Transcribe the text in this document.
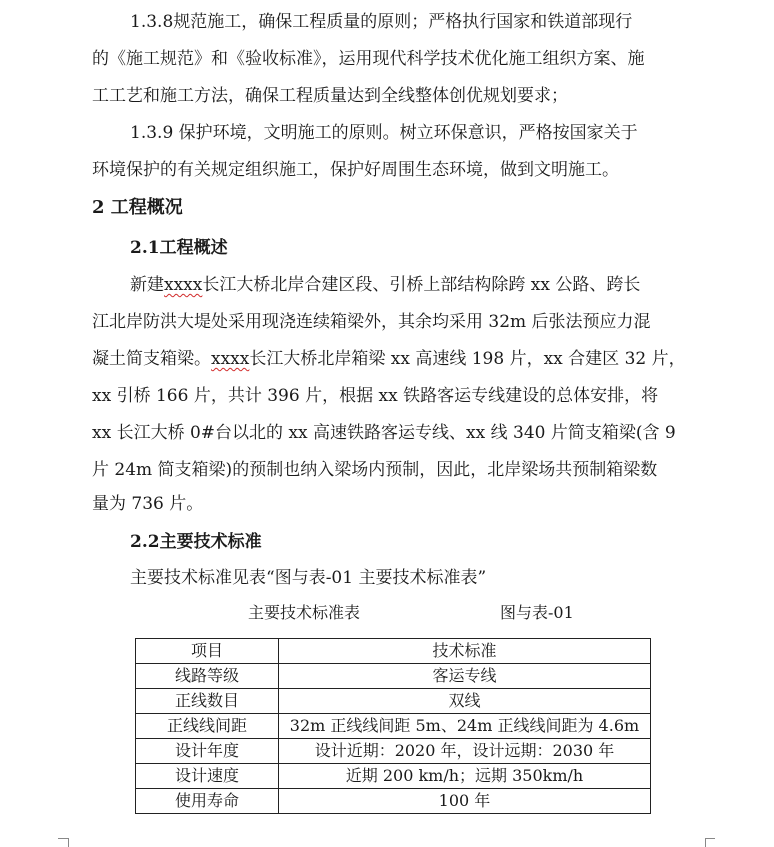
1.3.8规范施工，确保工程质量的原则；严格执行国家和铁道部现行
的《施工规范》和《验收标准》，运用现代科学技术优化施工组织方案、施
工工艺和施工方法，确保工程质量达到全线整体创优规划要求；
1.3.9 保护环境，文明施工的原则。树立环保意识，严格按国家关于
环境保护的有关规定组织施工，保护好周围生态环境，做到文明施工。
2 工程概况
2.1工程概述
新建xxxx长江大桥北岸合建区段、引桥上部结构除跨 xx 公路、跨长
江北岸防洪大堤处采用现浇连续箱梁外，其余均采用 32m 后张法预应力混
凝土简支箱梁。xxxx长江大桥北岸箱梁 xx 高速线 198 片，xx 合建区 32 片，
xx 引桥 166 片，共计 396 片，根据 xx 铁路客运专线建设的总体安排，将
xx 长江大桥 0#台以北的 xx 高速铁路客运专线、xx 线 340 片简支箱梁(含 9
片 24m 简支箱梁)的预制也纳入梁场内预制，因此，北岸梁场共预制箱梁数
量为 736 片。
2.2主要技术标准
主要技术标准见表“图与表-01 主要技术标准表”
主要技术标准表	图与表-01
项目	技术标准
线路等级	客运专线
正线数目	双线
正线线间距	32m 正线线间距 5m、24m 正线线间距为 4.6m
设计年度	设计近期：2020 年，设计远期：2030 年
设计速度	近期 200 km/h；远期 350km/h
使用寿命	100 年
